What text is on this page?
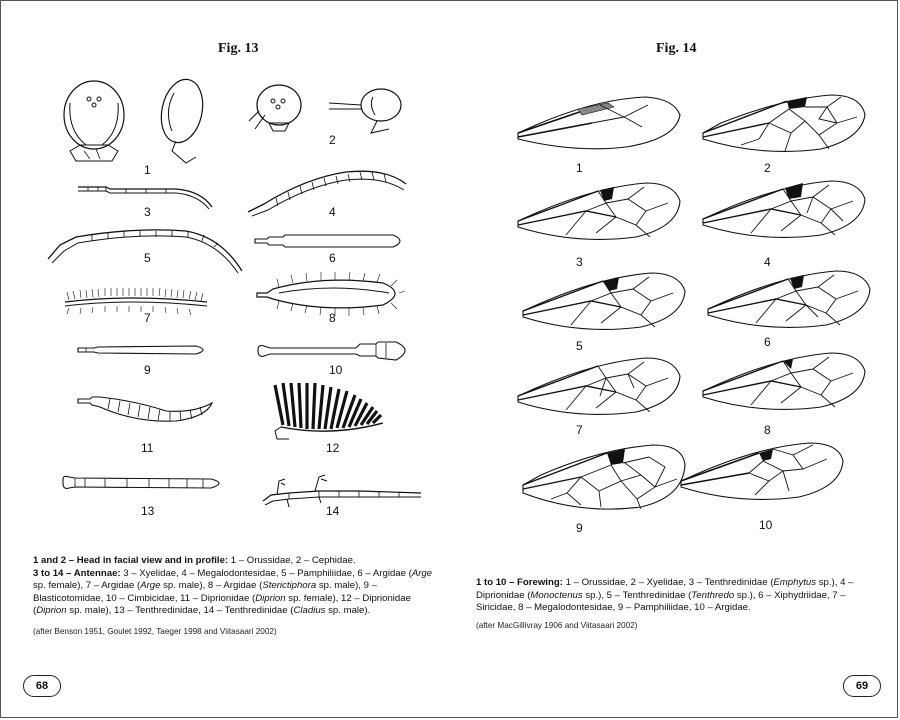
Fig. 13
1
2
3	4
5	6
7	8
9	10
11	12
13	14

1 and 2 – Head in facial view and in profile: 1 – Orussidae, 2 – Cephidae.

3 to 14 – Antennae: 3 – Xyelidae, 4 – Megalodontesidae, 5 – Pamphiliidae, 6 – Argidae (Arge sp. female), 7 – Argidae (Arge sp. male), 8 – Argidae (Sterictiphora sp. male), 9 – Blasticotomidae, 10 – Cimbicidae, 11 – Diprionidae (Diprion sp. female), 12 – Diprionidae (Diprion sp. male), 13 – Tenthredinidae, 14 – Tenthredinidae (Cladius sp. male).

(after Benson 1951, Goulet 1992, Taeger 1998 and Viitasaari 2002)
68
Fig. 14
1	2
3	4
5	6
7	8
9	10

1 to 10 – Forewing: 1 – Orussidae, 2 – Xyelidae, 3 – Tenthredinidae (Emphytus sp.), 4 – Diprionidae (Monoctenus sp.), 5 – Tenthredinidae (Tenthredo sp.), 6 – Xiphydriidae, 7 – Siricidae, 8 – Megalodontesidae, 9 – Pamphiliidae, 10 – Argidae.

(after MacGillivray 1906 and Viitasaari 2002)
69
